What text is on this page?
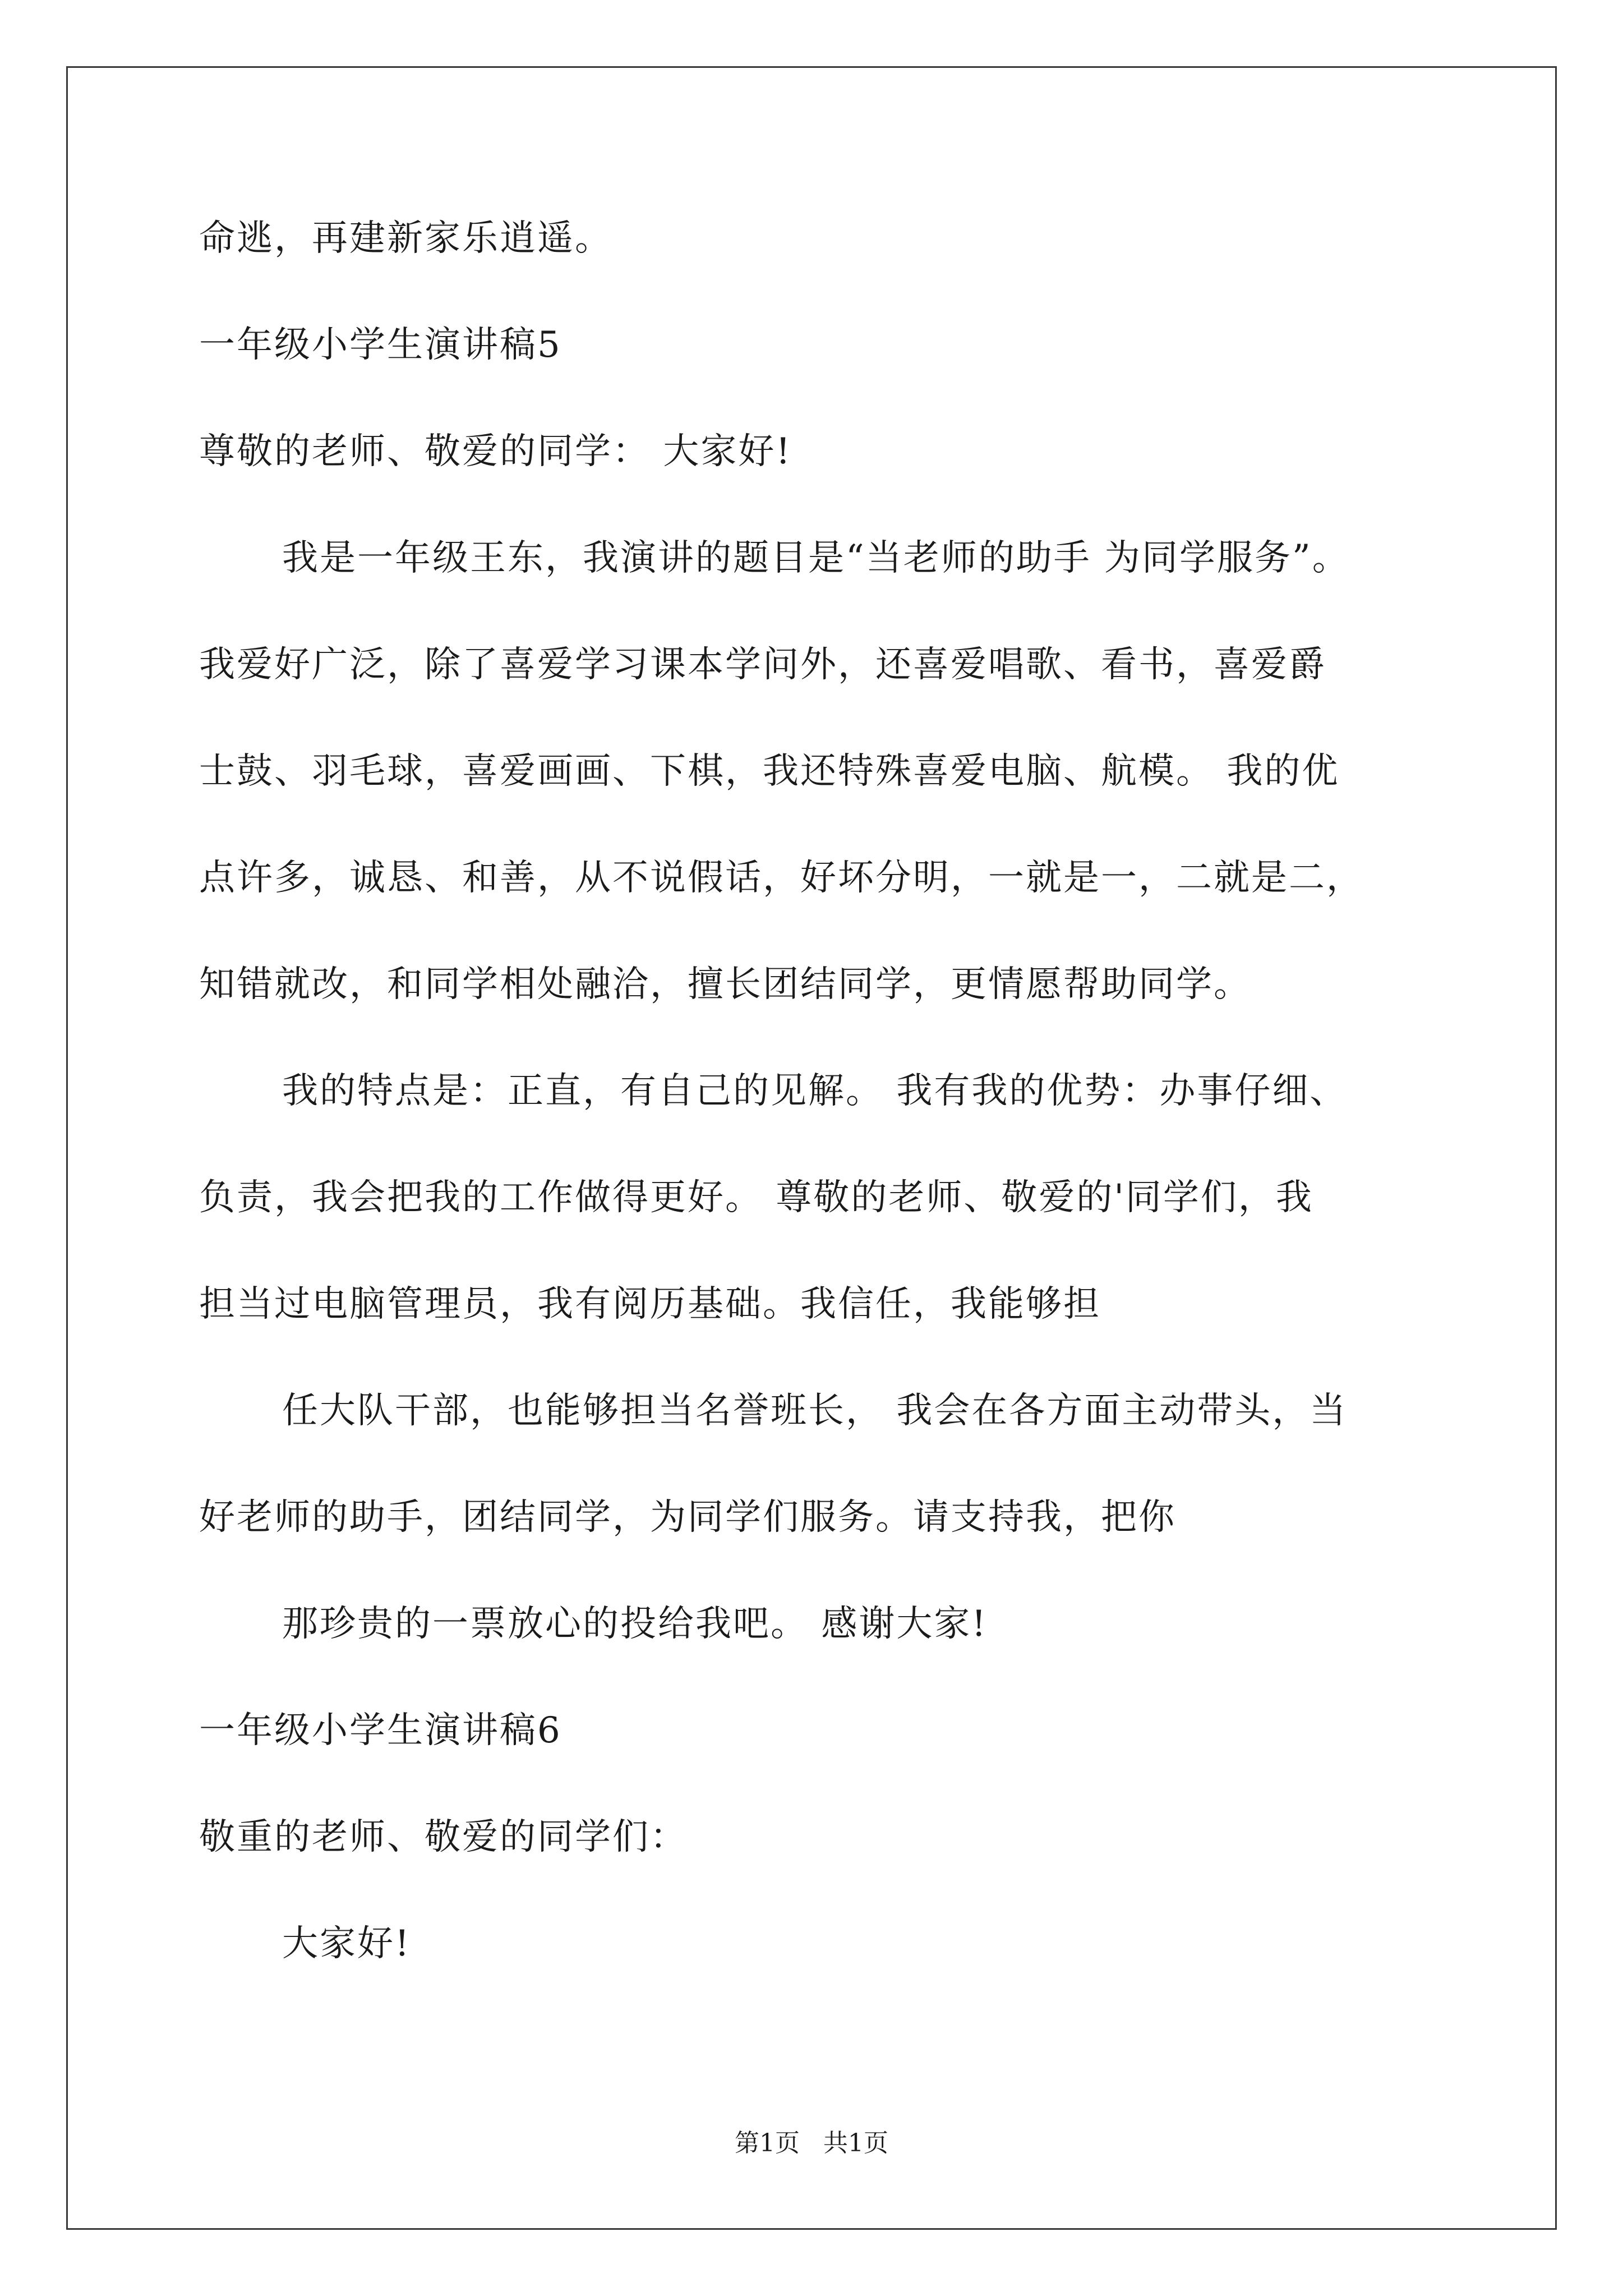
命逃，再建新家乐逍遥。
一年级小学生演讲稿5
尊敬的老师、敬爱的同学： 大家好!
我是一年级王东，我演讲的题目是“当老师的助手 为同学服务”。
我爱好广泛，除了喜爱学习课本学问外，还喜爱唱歌、看书，喜爱爵
士鼓、羽毛球，喜爱画画、下棋，我还特殊喜爱电脑、航模。 我的优
点许多，诚恳、和善，从不说假话，好坏分明，一就是一，二就是二，
知错就改，和同学相处融洽，擅长团结同学，更情愿帮助同学。
我的特点是：正直，有自己的见解。 我有我的优势：办事仔细、
负责，我会把我的工作做得更好。 尊敬的老师、敬爱的'同学们，我
担当过电脑管理员，我有阅历基础。我信任，我能够担
任大队干部，也能够担当名誉班长， 我会在各方面主动带头，当
好老师的助手，团结同学，为同学们服务。请支持我，把你
那珍贵的一票放心的投给我吧。 感谢大家!
一年级小学生演讲稿6
敬重的老师、敬爱的同学们：
大家好!
第1页 共1页
